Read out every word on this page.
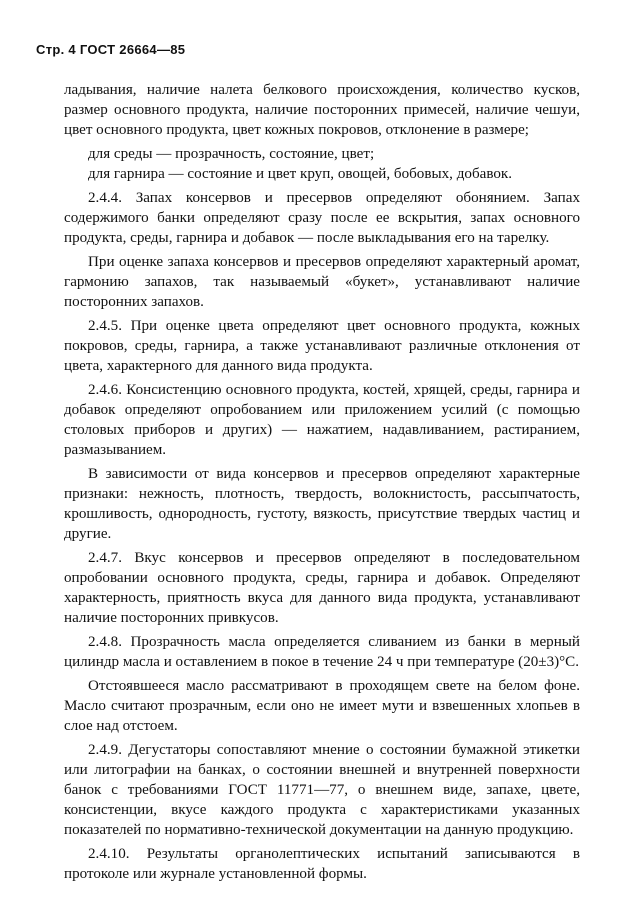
Стр. 4 ГОСТ 26664—85

ладывания, наличие налета белкового происхождения, количество кусков, размер основного продукта, наличие посторонних примесей, наличие чешуи, цвет основного продукта, цвет кожных покровов, отклонение в размере;

для среды — прозрачность, состояние, цвет;

для гарнира — состояние и цвет круп, овощей, бобовых, добавок.

2.4.4. Запах консервов и пресервов определяют обонянием. Запах содержимого банки определяют сразу после ее вскрытия, запах основного продукта, среды, гарнира и добавок — после выкладывания его на тарелку.

При оценке запаха консервов и пресервов определяют характерный аромат, гармонию запахов, так называемый «букет», устанавливают наличие посторонних запахов.

2.4.5. При оценке цвета определяют цвет основного продукта, кожных покровов, среды, гарнира, а также устанавливают различные отклонения от цвета, характерного для данного вида продукта.

2.4.6. Консистенцию основного продукта, костей, хрящей, среды, гарнира и добавок определяют опробованием или приложением усилий (с помощью столовых приборов и других) — нажатием, надавливанием, растиранием, размазыванием.

В зависимости от вида консервов и пресервов определяют характерные признаки: нежность, плотность, твердость, волокнистость, рассыпчатость, крошливость, однородность, густоту, вязкость, присутствие твердых частиц и другие.

2.4.7. Вкус консервов и пресервов определяют в последовательном опробовании основного продукта, среды, гарнира и добавок. Определяют характерность, приятность вкуса для данного вида продукта, устанавливают наличие посторонних привкусов.

2.4.8. Прозрачность масла определяется сливанием из банки в мерный цилиндр масла и оставлением в покое в течение 24 ч при температуре (20±3)°С.

Отстоявшееся масло рассматривают в проходящем свете на белом фоне. Масло считают прозрачным, если оно не имеет мути и взвешенных хлопьев в слое над отстоем.

2.4.9. Дегустаторы сопоставляют мнение о состоянии бумажной этикетки или литографии на банках, о состоянии внешней и внутренней поверхности банок с требованиями ГОСТ 11771—77, о внешнем виде, запахе, цвете, консистенции, вкусе каждого продукта с характеристиками указанных показателей по нормативно-технической документации на данную продукцию.

2.4.10. Результаты органолептических испытаний записываются в протоколе или журнале установленной формы.
